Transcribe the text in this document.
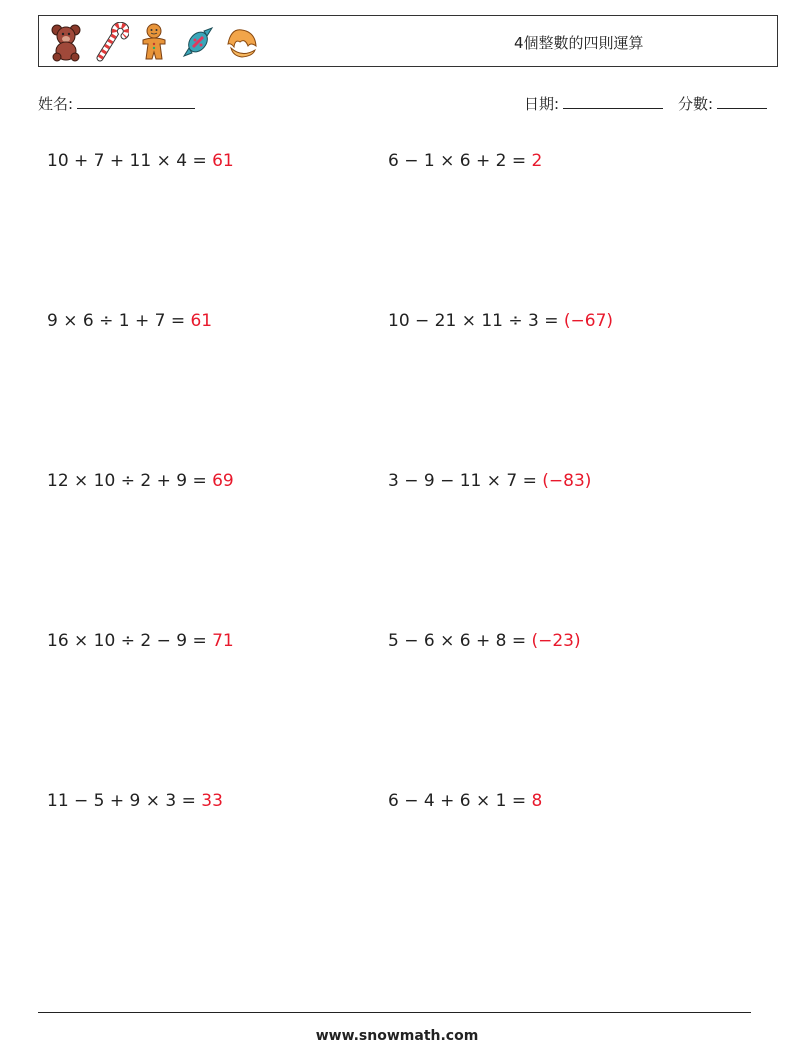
4個整數的四則運算
姓名:	日期:	分數:
10 + 7 + 11 × 4 = 61	6 − 1 × 6 + 2 = 2
9 × 6 ÷ 1 + 7 = 61	10 − 21 × 11 ÷ 3 = (−67)
12 × 10 ÷ 2 + 9 = 69	3 − 9 − 11 × 7 = (−83)
16 × 10 ÷ 2 − 9 = 71	5 − 6 × 6 + 8 = (−23)
11 − 5 + 9 × 3 = 33	6 − 4 + 6 × 1 = 8
www.snowmath.com
